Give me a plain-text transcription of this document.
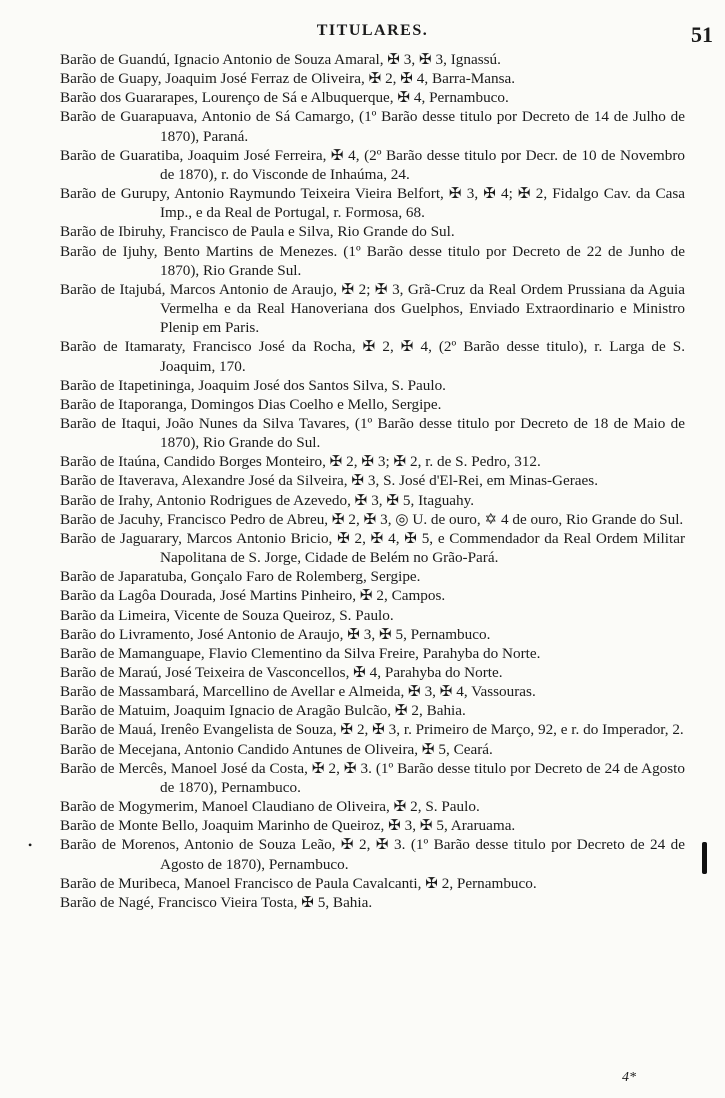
TITULARES.	51
Barão de Guandú, Ignacio Antonio de Souza Amaral, ✠ 3, ✠ 3, Ignassú.
Barão de Guapy, Joaquim José Ferraz de Oliveira, ✠ 2, ✠ 4, Barra-Mansa.
Barão dos Guararapes, Lourenço de Sá e Albuquerque, ✠ 4, Pernambuco.
Barão de Guarapuava, Antonio de Sá Camargo, (1º Barão desse titulo por Decreto de 14 de Julho de 1870), Paraná.
Barão de Guaratiba, Joaquim José Ferreira, ✠ 4, (2º Barão desse titulo por Decr. de 10 de Novembro de 1870), r. do Visconde de Inhaúma, 24.
Barão de Gurupy, Antonio Raymundo Teixeira Vieira Belfort, ✠ 3, ✠ 4; ✠ 2, Fidalgo Cav. da Casa Imp., e da Real de Portugal, r. Formosa, 68.
Barão de Ibiruhy, Francisco de Paula e Silva, Rio Grande do Sul.
Barão de Ijuhy, Bento Martins de Menezes. (1º Barão desse titulo por Decreto de 22 de Junho de 1870), Rio Grande Sul.
Barão de Itajubá, Marcos Antonio de Araujo, ✠ 2; ✠ 3, Grã-Cruz da Real Ordem Prussiana da Aguia Vermelha e da Real Hanoveriana dos Guelphos, Enviado Extraordinario e Ministro Plenip em Paris.
Barão de Itamaraty, Francisco José da Rocha, ✠ 2, ✠ 4, (2º Barão desse titulo), r. Larga de S. Joaquim, 170.
Barão de Itapetininga, Joaquim José dos Santos Silva, S. Paulo.
Barão de Itaporanga, Domingos Dias Coelho e Mello, Sergipe.
Barão de Itaqui, João Nunes da Silva Tavares, (1º Barão desse titulo por Decreto de 18 de Maio de 1870), Rio Grande do Sul.
Barão de Itaúna, Candido Borges Monteiro, ✠ 2, ✠ 3; ✠ 2, r. de S. Pedro, 312.
Barão de Itaverava, Alexandre José da Silveira, ✠ 3, S. José d'El-Rei, em Minas-Geraes.
Barão de Irahy, Antonio Rodrigues de Azevedo, ✠ 3, ✠ 5, Itaguahy.
Barão de Jacuhy, Francisco Pedro de Abreu, ✠ 2, ✠ 3, ◎ U. de ouro, ✡ 4 de ouro, Rio Grande do Sul.
Barão de Jaguarary, Marcos Antonio Bricio, ✠ 2, ✠ 4, ✠ 5, e Commendador da Real Ordem Militar Napolitana de S. Jorge, Cidade de Belém no Grão-Pará.
Barão de Japaratuba, Gonçalo Faro de Rolemberg, Sergipe.
Barão da Lagôa Dourada, José Martins Pinheiro, ✠ 2, Campos.
Barão da Limeira, Vicente de Souza Queiroz, S. Paulo.
Barão do Livramento, José Antonio de Araujo, ✠ 3, ✠ 5, Pernambuco.
Barão de Mamanguape, Flavio Clementino da Silva Freire, Parahyba do Norte.
Barão de Maraú, José Teixeira de Vasconcellos, ✠ 4, Parahyba do Norte.
Barão de Massambará, Marcellino de Avellar e Almeida, ✠ 3, ✠ 4, Vassouras.
Barão de Matuim, Joaquim Ignacio de Aragão Bulcão, ✠ 2, Bahia.
Barão de Mauá, Irenêo Evangelista de Souza, ✠ 2, ✠ 3, r. Primeiro de Março, 92, e r. do Imperador, 2.
Barão de Mecejana, Antonio Candido Antunes de Oliveira, ✠ 5, Ceará.
Barão de Mercês, Manoel José da Costa, ✠ 2, ✠ 3. (1º Barão desse titulo por Decreto de 24 de Agosto de 1870), Pernambuco.
Barão de Mogymerim, Manoel Claudiano de Oliveira, ✠ 2, S. Paulo.
Barão de Monte Bello, Joaquim Marinho de Queiroz, ✠ 3, ✠ 5, Araruama.
Barão de Morenos, Antonio de Souza Leão, ✠ 2, ✠ 3. (1º Barão desse titulo por Decreto de 24 de Agosto de 1870), Pernambuco.
Barão de Muribeca, Manoel Francisco de Paula Cavalcanti, ✠ 2, Pernambuco.
Barão de Nagé, Francisco Vieira Tosta, ✠ 5, Bahia.
•
4*
